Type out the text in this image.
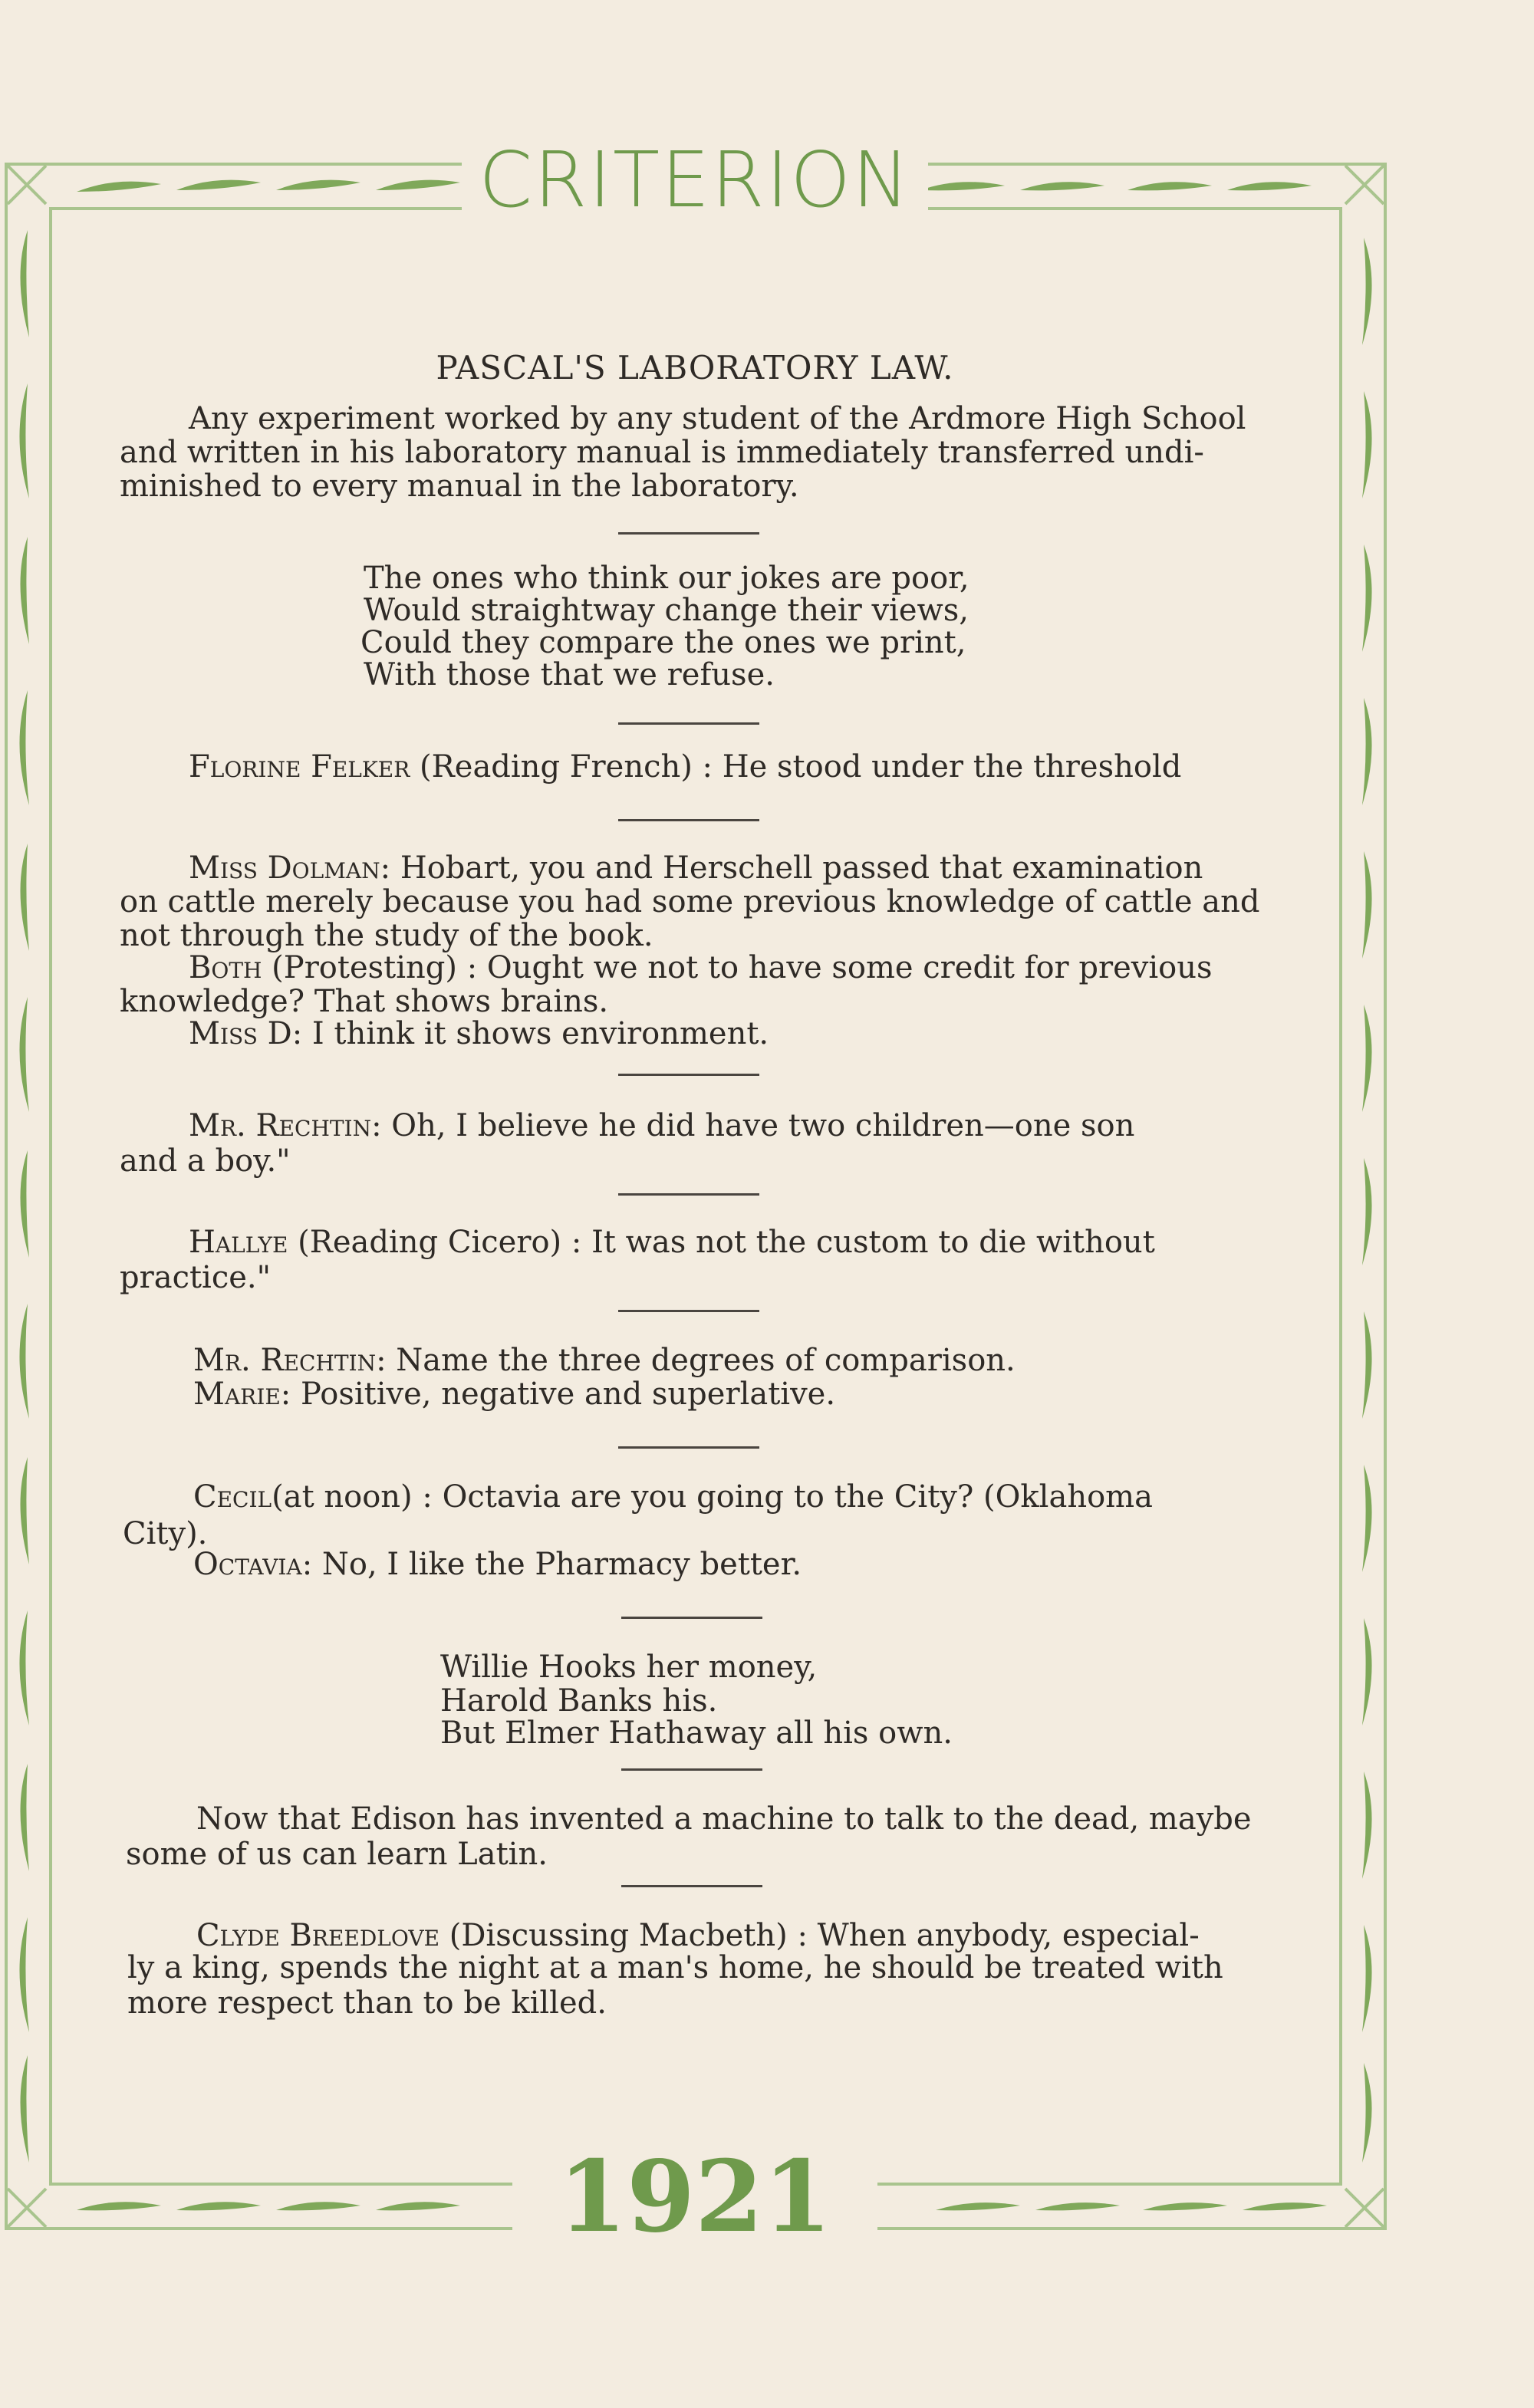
CRITERION
1921
PASCAL'S LABORATORY LAW.
Any experiment worked by any student of the Ardmore High School
and written in his laboratory manual is immediately transferred undi-
minished to every manual in the laboratory.
The ones who think our jokes are poor,
Would straightway change their views,
Could they compare the ones we print,
With those that we refuse.
Florine Felker (Reading French) : He stood under the threshold
Miss Dolman: Hobart, you and Herschell passed that examination
on cattle merely because you had some previous knowledge of cattle and
not through the study of the book.
Both (Protesting) : Ought we not to have some credit for previous
knowledge? That shows brains.
Miss D: I think it shows environment.
Mr. Rechtin: Oh, I believe he did have two children—one son
and a boy."
Hallye (Reading Cicero) : It was not the custom to die without
practice."
Mr. Rechtin: Name the three degrees of comparison.
Marie: Positive, negative and superlative.
Cecil(at noon) : Octavia are you going to the City? (Oklahoma
City).
Octavia: No, I like the Pharmacy better.
Willie Hooks her money,
Harold Banks his.
But Elmer Hathaway all his own.
Now that Edison has invented a machine to talk to the dead, maybe
some of us can learn Latin.
Clyde Breedlove (Discussing Macbeth) : When anybody, especial-
ly a king, spends the night at a man's home, he should be treated with
more respect than to be killed.
